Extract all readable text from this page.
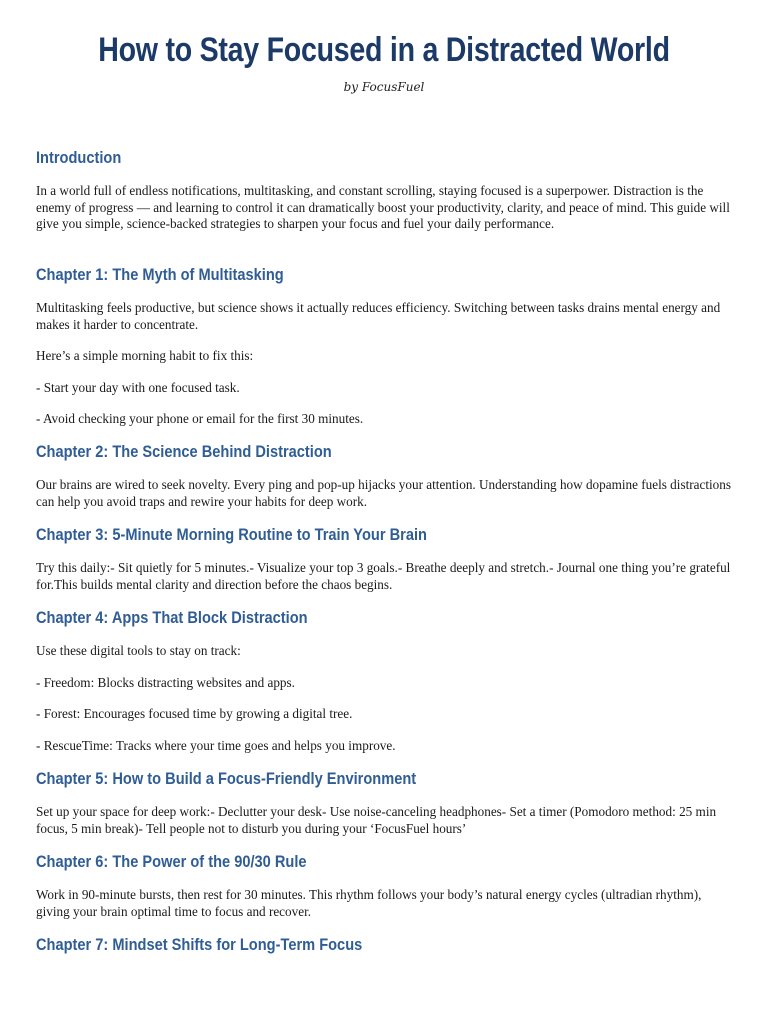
How to Stay Focused in a Distracted World
by FocusFuel
Introduction

In a world full of endless notifications, multitasking, and constant scrolling, staying focused is a superpower. Distraction is the enemy of progress — and learning to control it can dramatically boost your productivity, clarity, and peace of mind. This guide will give you simple, science-backed strategies to sharpen your focus and fuel your daily performance.

Chapter 1: The Myth of Multitasking

Multitasking feels productive, but science shows it actually reduces efficiency. Switching between tasks drains mental energy and makes it harder to concentrate.

Here’s a simple morning habit to fix this:

- Start your day with one focused task.

- Avoid checking your phone or email for the first 30 minutes.

Chapter 2: The Science Behind Distraction

Our brains are wired to seek novelty. Every ping and pop-up hijacks your attention. Understanding how dopamine fuels distractions can help you avoid traps and rewire your habits for deep work.

Chapter 3: 5-Minute Morning Routine to Train Your Brain

Try this daily:- Sit quietly for 5 minutes.- Visualize your top 3 goals.- Breathe deeply and stretch.- Journal one thing you’re grateful for.This builds mental clarity and direction before the chaos begins.

Chapter 4: Apps That Block Distraction

Use these digital tools to stay on track:

- Freedom: Blocks distracting websites and apps.

- Forest: Encourages focused time by growing a digital tree.

- RescueTime: Tracks where your time goes and helps you improve.

Chapter 5: How to Build a Focus-Friendly Environment

Set up your space for deep work:- Declutter your desk- Use noise-canceling headphones- Set a timer (Pomodoro method: 25 min focus, 5 min break)- Tell people not to disturb you during your ‘FocusFuel hours’

Chapter 6: The Power of the 90/30 Rule

Work in 90-minute bursts, then rest for 30 minutes. This rhythm follows your body’s natural energy cycles (ultradian rhythm), giving your brain optimal time to focus and recover.

Chapter 7: Mindset Shifts for Long-Term Focus
